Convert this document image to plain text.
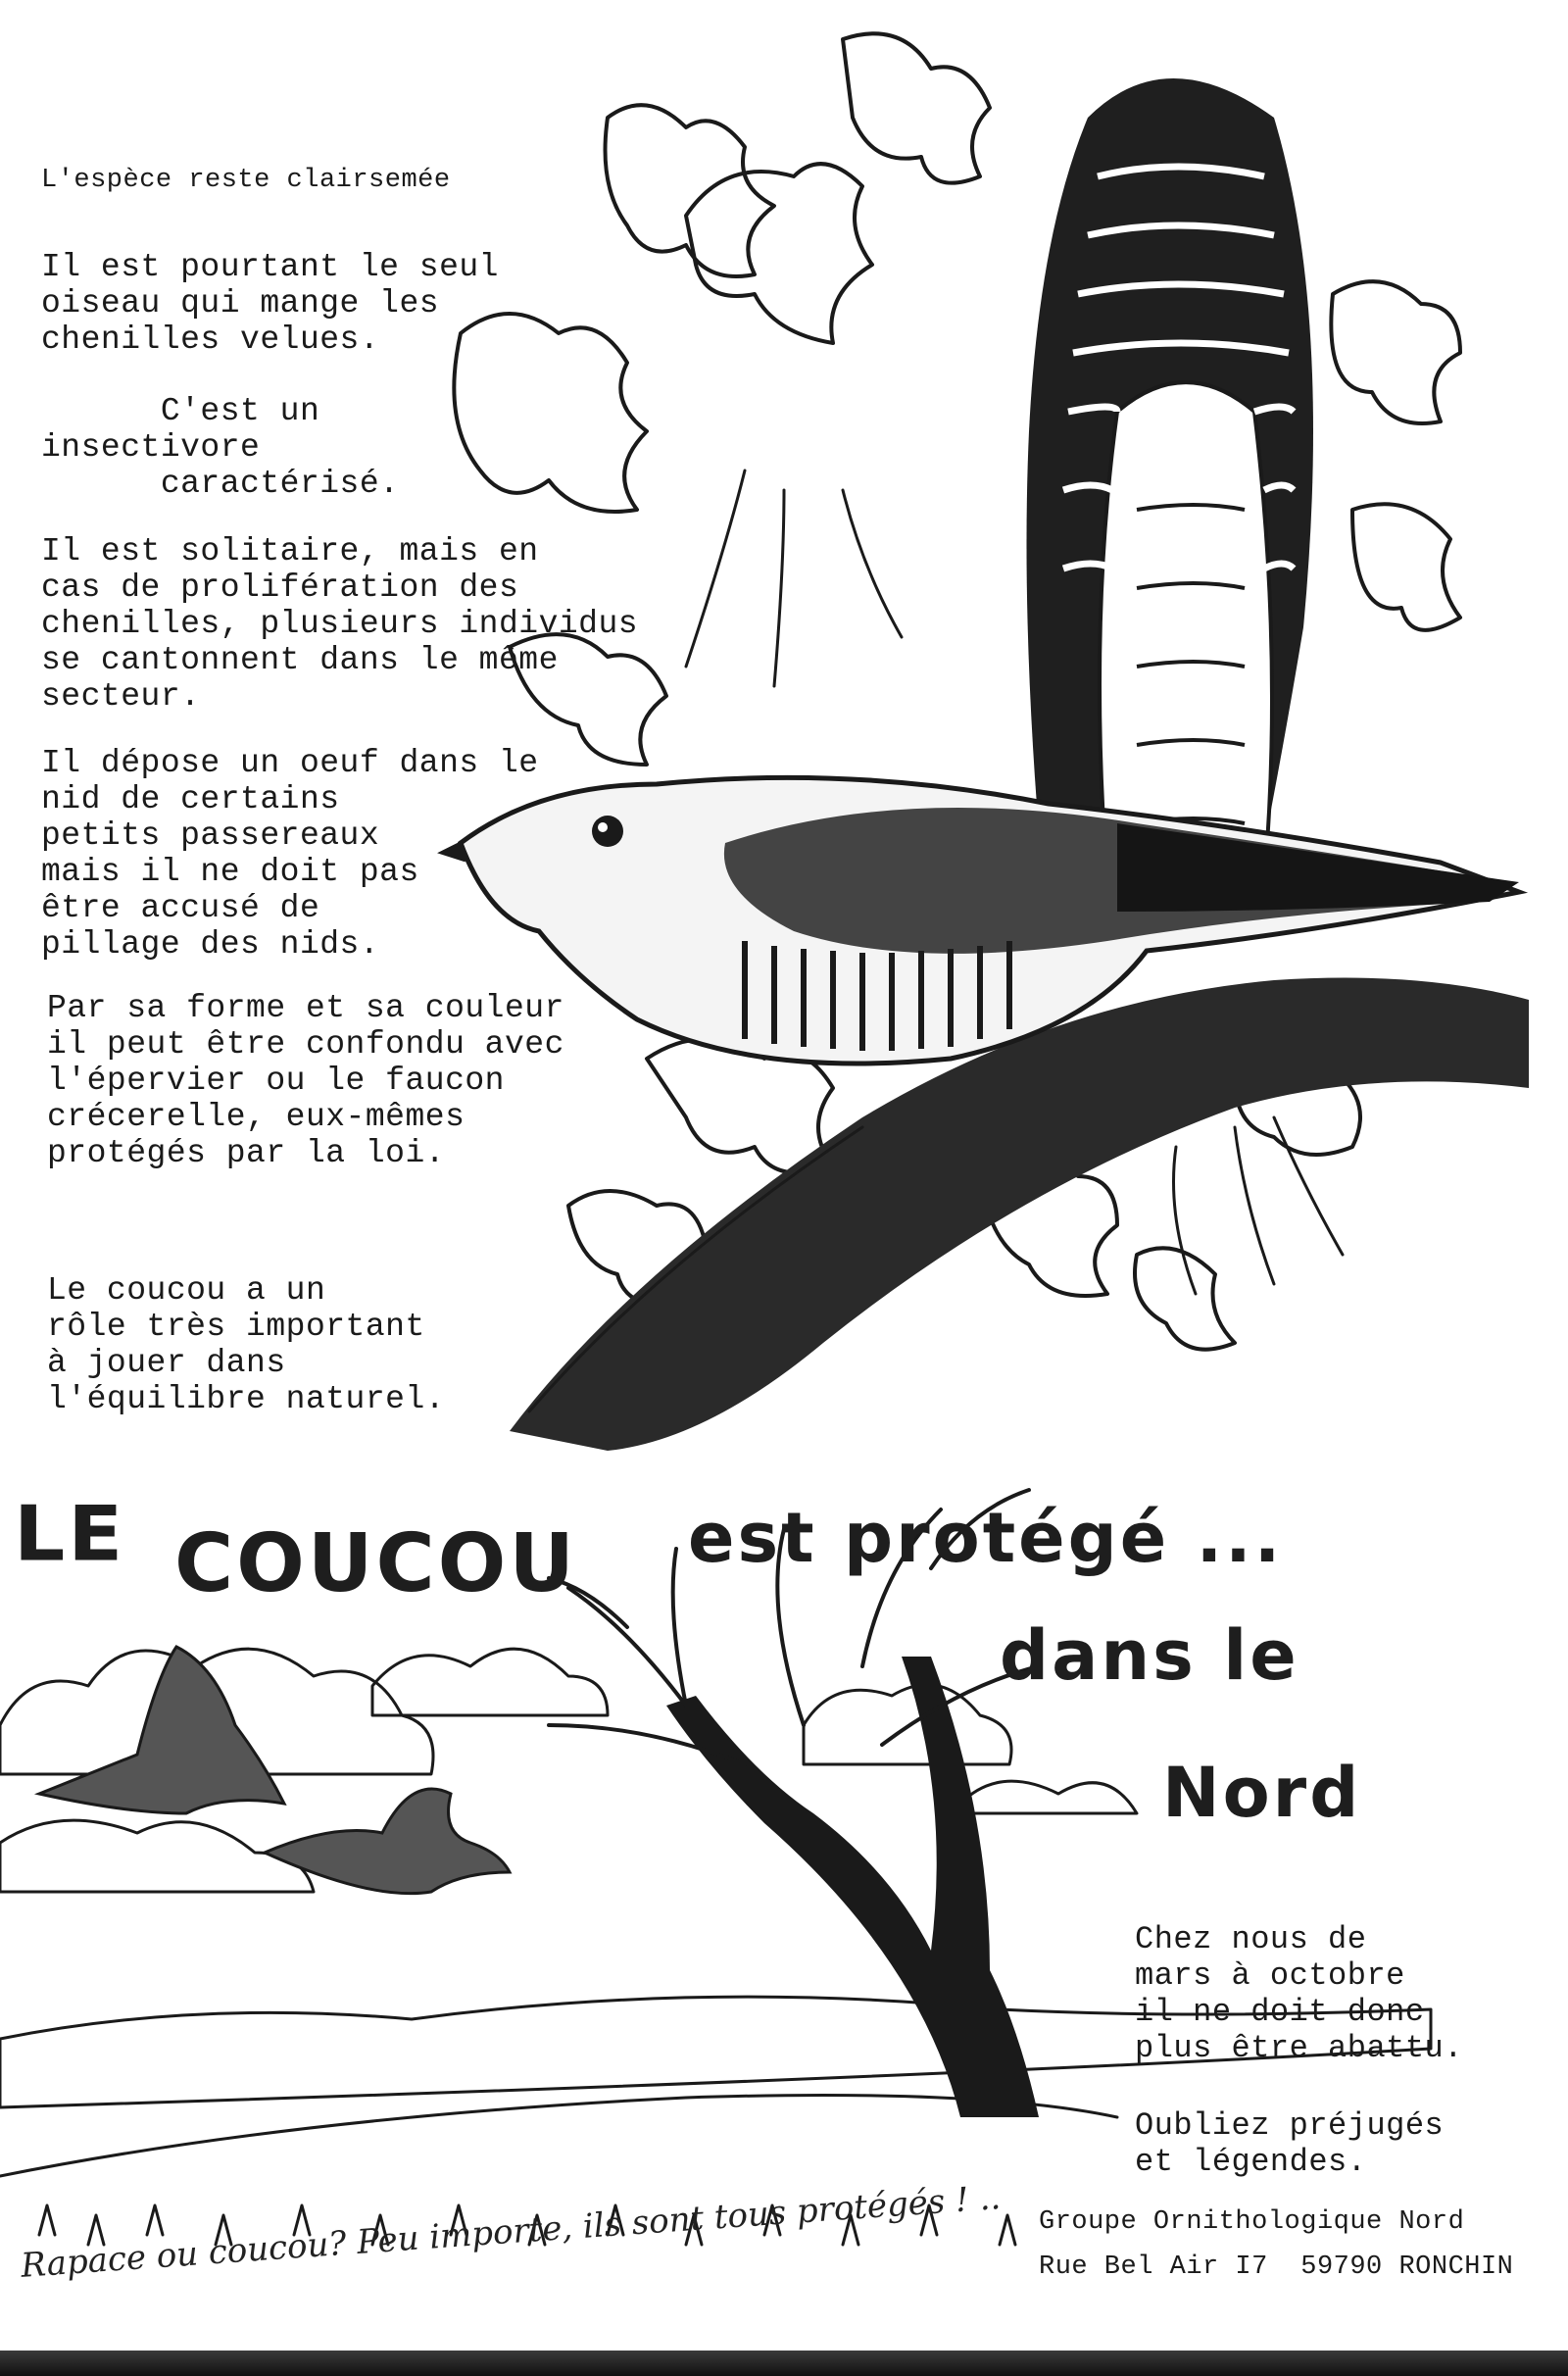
L'espèce reste clairsemée
Il est pourtant le seul
oiseau qui mange les
chenilles velues.
C'est un
insectivore
caractérisé.
Il est solitaire, mais en
cas de prolifération des
chenilles, plusieurs individus
se cantonnent dans le même
secteur.
Il dépose un oeuf dans le
nid de certains
petits passereaux
mais il ne doit pas
être accusé de
pillage des nids.
Par sa forme et sa couleur
il peut être confondu avec
l'épervier ou le faucon
crécerelle, eux-mêmes
protégés par la loi.
Le coucou a un
rôle très important
à jouer dans
l'équilibre naturel.
LE COUCOU est protégé ...
dans le
Nord
Chez nous de
mars à octobre
il ne doit donc
plus être abattu.
Oubliez préjugés
et légendes.
Groupe Ornithologique Nord
Rue Bel Air I7  59790 RONCHIN
Rapace ou coucou? Peu importe, ils sont tous protégés ! ..
